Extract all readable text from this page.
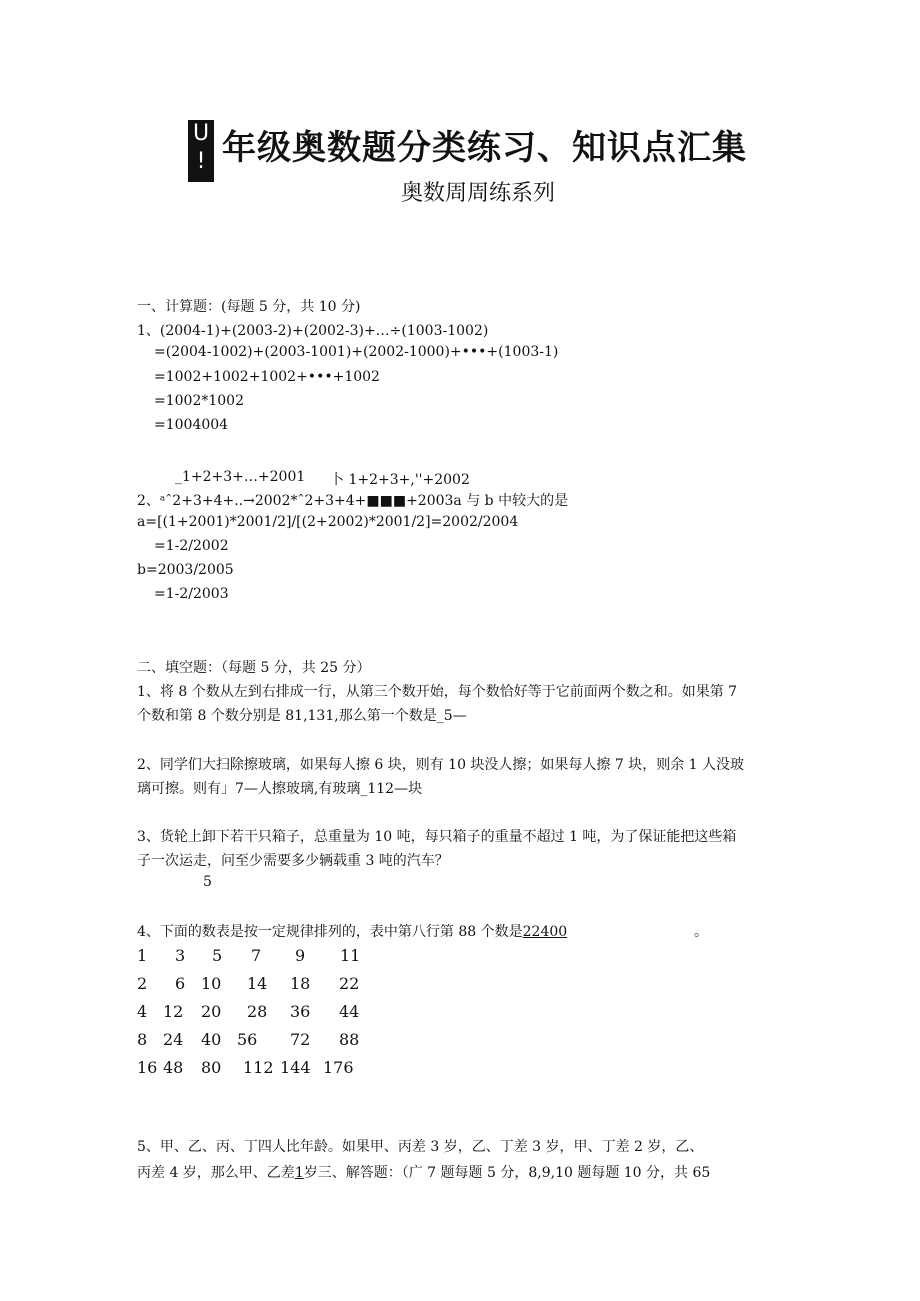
U
! 年级奥数题分类练习、知识点汇集
奥数周周练系列
一、计算题：(每题 5 分，共 10 分)
1、(2004-1)+(2003-2)+(2002-3)+…÷(1003-1002)
=(2004-1002)+(2003-1001)+(2002-1000)+•••+(1003-1)
=1002+1002+1002+•••+1002
=1002*1002
=1004004
_1+2+3+…+2001 卜 1+2+3+,''+2002
2、ᵃˆ2+3+4+..→2002*ˆ2+3+4+■■■+2003a 与 b 中较大的是
a=[(1+2001)*2001/2]/[(2+2002)*2001/2]=2002/2004
=1-2/2002
b=2003/2005
=1-2/2003
二、填空题：（每题 5 分，共 25 分）
1、将 8 个数从左到右排成一行，从第三个数开始，每个数恰好等于它前面两个数之和。如果第 7
个数和第 8 个数分别是 81,131,那么第一个数是_5—
2、同学们大扫除擦玻璃，如果每人擦 6 块，则有 10 块没人擦；如果每人擦 7 块，则余 1 人没玻
璃可擦。则有」7—人擦玻璃,有玻璃_112—块
3、货轮上卸下若干只箱子，总重量为 10 吨，每只箱子的重量不超过 1 吨，为了保证能把这些箱
子一次运走，问至少需要多少辆载重 3 吨的汽车？
5
4、下面的数表是按一定规律排列的，表中第八行第 88 个数是22400	。
1 3 5 7 9 11
2 6 10 14 18 22
4 12 20 28 36 44
8 24 40 56 72 88
16 48 80 112 144 176
5、甲、乙、丙、丁四人比年龄。如果甲、丙差 3 岁，乙、丁差 3 岁，甲、丁差 2 岁，乙、
丙差 4 岁，那么甲、乙差1岁三、解答题：（广 7 题每题 5 分，8,9,10 题每题 10 分，共 65
